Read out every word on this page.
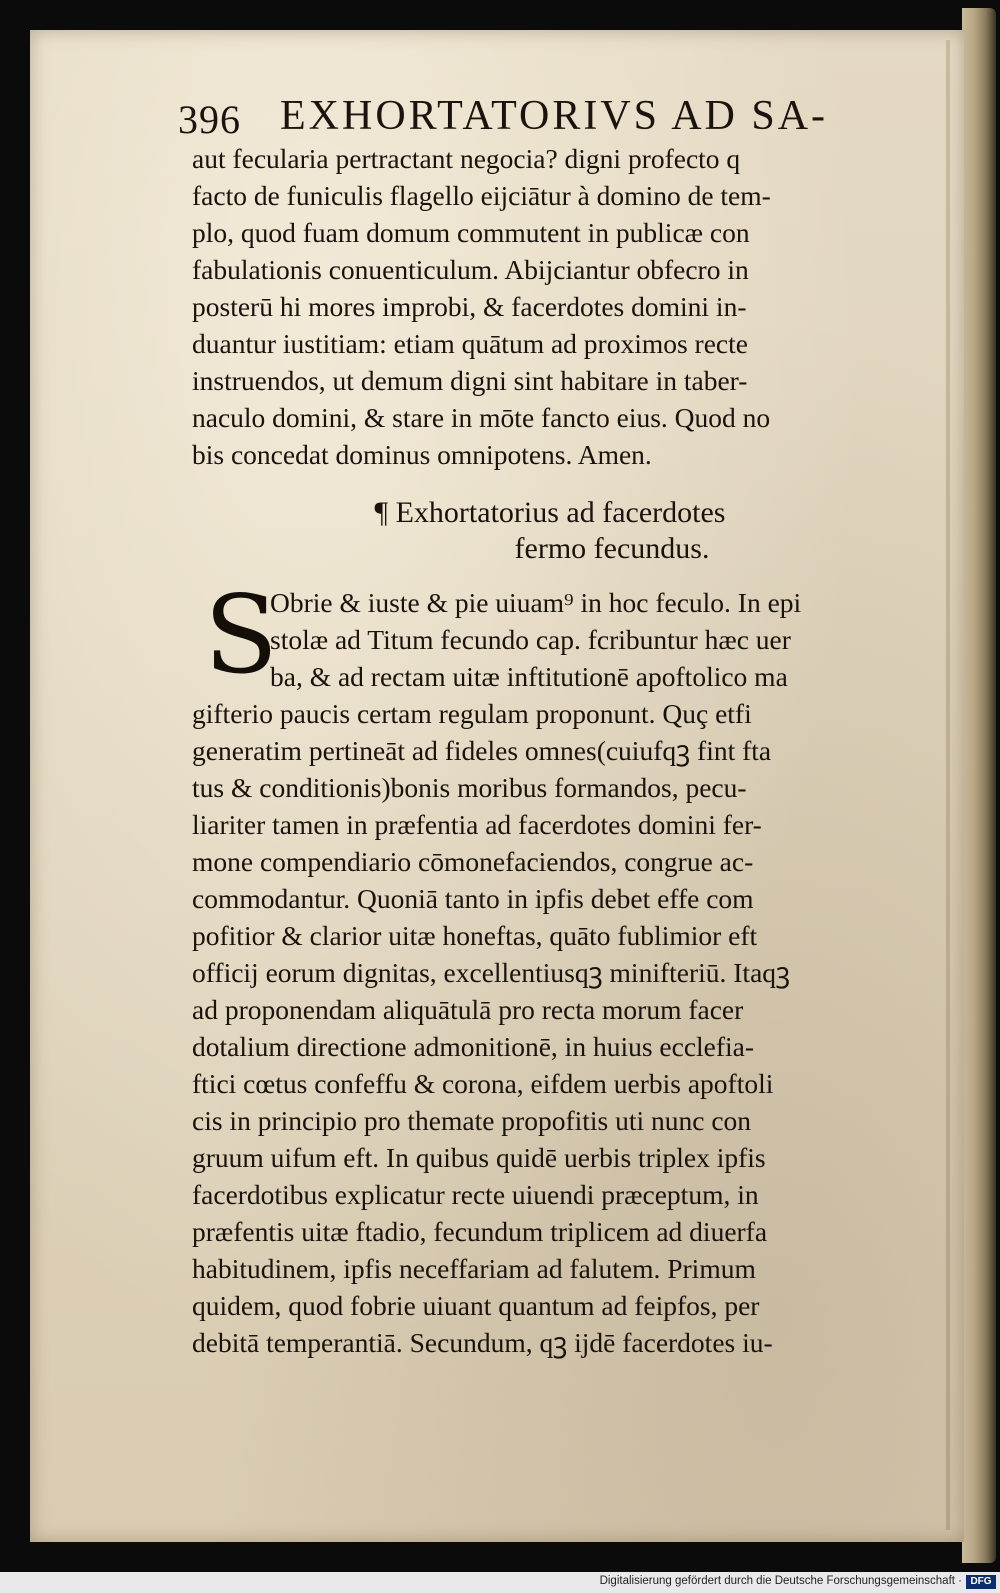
396 EXHORTATORIVS AD SA-
aut fecularia pertractant negocia? digni profecto q
facto de funiculis flagello eijciātur à domino de tem-
plo, quod fuam domum commutent in publicæ con
fabulationis conuenticulum. Abijciantur obfecro in
posterū hi mores improbi, & facerdotes domini in-
duantur iustitiam: etiam quātum ad proximos recte
instruendos, ut demum digni sint habitare in taber-
naculo domini, & stare in mōte fancto eius. Quod no
bis concedat dominus omnipotens. Amen.
¶ Exhortatorius ad facerdotes
fermo fecundus.
S
Obrie & iuste & pie uiuam⁹ in hoc feculo. In epi
stolæ ad Titum fecundo cap. fcribuntur hæc uer
ba, & ad rectam uitæ inftitutionē apoftolico ma
gifterio paucis certam regulam proponunt. Quç etfi
generatim pertineāt ad fideles omnes(cuiufqꝫ fint fta
tus & conditionis)bonis moribus formandos, pecu-
liariter tamen in præfentia ad facerdotes domini fer-
mone compendiario cōmonefaciendos, congrue ac-
commodantur. Quoniā tanto in ipfis debet effe com
pofitior & clarior uitæ honeftas, quāto fublimior eft
officij eorum dignitas, excellentiusqꝫ minifteriū. Itaqꝫ
ad proponendam aliquātulā pro recta morum facer
dotalium directione admonitionē, in huius ecclefia-
ftici cœtus confeffu & corona, eifdem uerbis apoftoli
cis in principio pro themate propofitis uti nunc con
gruum uifum eft. In quibus quidē uerbis triplex ipfis
facerdotibus explicatur recte uiuendi præceptum, in
præfentis uitæ ftadio, fecundum triplicem ad diuerfa
habitudinem, ipfis neceffariam ad falutem. Primum
quidem, quod fobrie uiuant quantum ad feipfos, per
debitā temperantiā. Secundum, qꝫ ijdē facerdotes iu-
Digitalisierung gefördert durch die Deutsche Forschungsgemeinschaft · DFG
